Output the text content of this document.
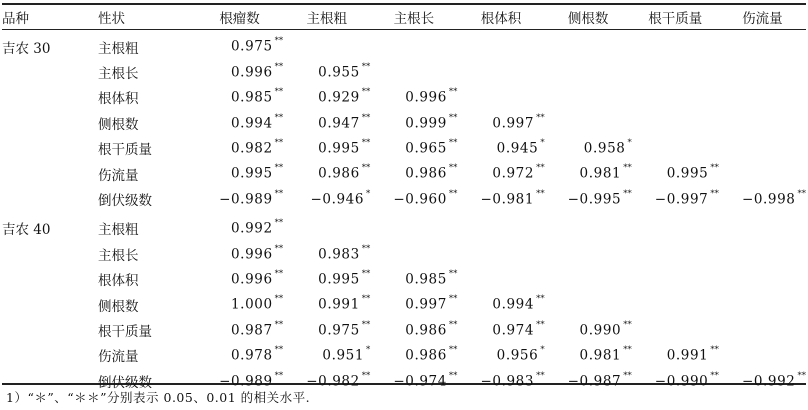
品种	性状	根瘤数	主根粗	主根长	根体积	侧根数	根干质量	伤流量
吉农 30	主根粗	0.975 **						
	主根长	0.996 **	0.955 **					
	根体积	0.985 **	0.929 **	0.996 **				
	侧根数	0.994 **	0.947 **	0.999 **	0.997 **			
	根干质量	0.982 **	0.995 **	0.965 **	0.945 *	0.958 *		
	伤流量	0.995 **	0.986 **	0.986 **	0.972 **	0.981 **	0.995 **	
	倒伏级数	−0.989 **	−0.946 *	−0.960 **	−0.981 **	−0.995 **	−0.997 **	−0.998 **
吉农 40	主根粗	0.992 **						
	主根长	0.996 **	0.983 **					
	根体积	0.996 **	0.995 **	0.985 **				
	侧根数	1.000 **	0.991 **	0.997 **	0.994 **			
	根干质量	0.987 **	0.975 **	0.986 **	0.974 **	0.990 **		
	伤流量	0.978 **	0.951 *	0.986 **	0.956 *	0.981 **	0.991 **	
	倒伏级数	−0.989 **	−0.982 **	−0.974 **	−0.983 **	−0.987 **	−0.990 **	−0.992 **
1）“＊”、“＊＊”分别表示 0.05、0.01 的相关水平.
